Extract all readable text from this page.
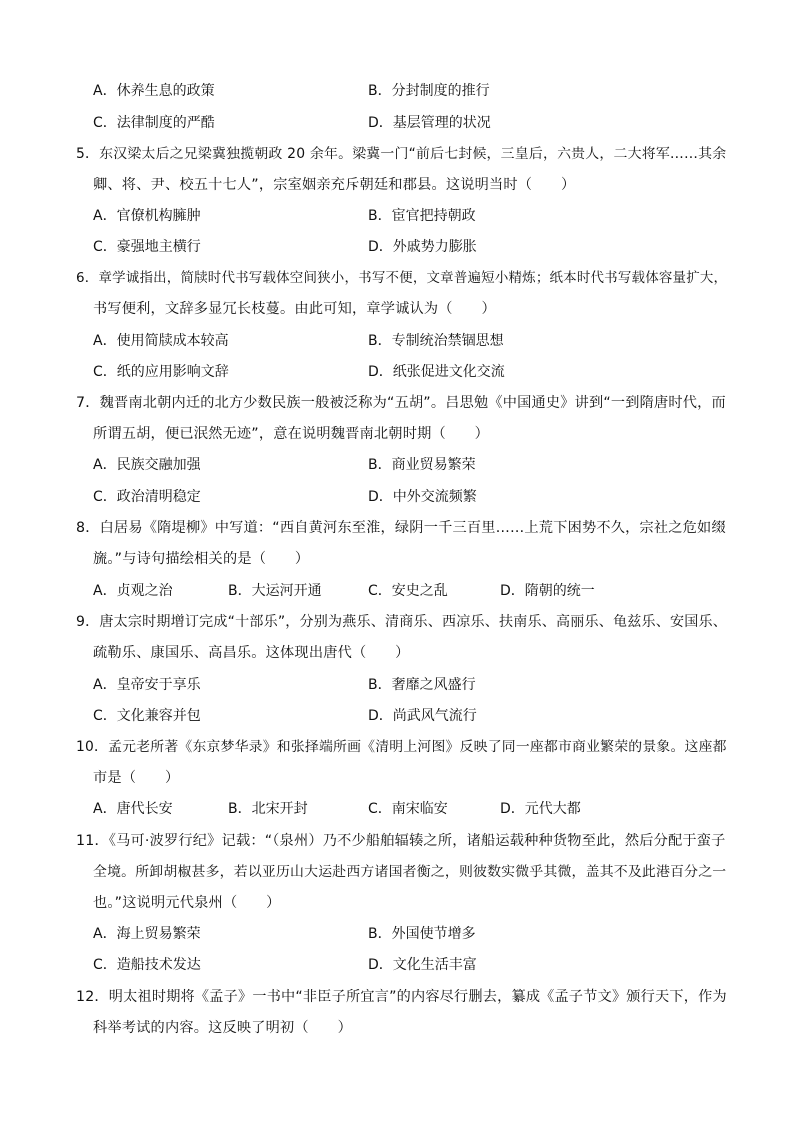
A．休养生息的政策	B．分封制度的推行
C．法律制度的严酷	D．基层管理的状况
5．东汉梁太后之兄梁冀独揽朝政 20 余年。梁冀一门“前后七封候，三皇后，六贵人，二大将军……其余
卿、将、尹、校五十七人”，宗室姻亲充斥朝廷和郡县。这说明当时（　　）
A．官僚机构臃肿	B．宦官把持朝政
C．豪强地主横行	D．外戚势力膨胀
6．章学诚指出，简牍时代书写载体空间狭小，书写不便，文章普遍短小精炼；纸本时代书写载体容量扩大，
书写便利，文辞多显冗长枝蔓。由此可知，章学诚认为（　　）
A．使用简牍成本较高	B．专制统治禁锢思想
C．纸的应用影响文辞	D．纸张促进文化交流
7．魏晋南北朝内迁的北方少数民族一般被泛称为“五胡”。吕思勉《中国通史》讲到“一到隋唐时代，而
所谓五胡，便已泯然无迹”，意在说明魏晋南北朝时期（　　）
A．民族交融加强	B．商业贸易繁荣
C．政治清明稳定	D．中外交流频繁
8．白居易《隋堤柳》中写道：“西自黄河东至淮，绿阴一千三百里……上荒下困势不久，宗社之危如缀
旒。”与诗句描绘相关的是（　　）
A．贞观之治	B．大运河开通	C．安史之乱	D．隋朝的统一
9．唐太宗时期增订完成“十部乐”，分别为燕乐、清商乐、西凉乐、扶南乐、高丽乐、龟兹乐、安国乐、
疏勒乐、康国乐、高昌乐。这体现出唐代（　　）
A．皇帝安于享乐	B．奢靡之风盛行
C．文化兼容并包	D．尚武风气流行
10．孟元老所著《东京梦华录》和张择端所画《清明上河图》反映了同一座都市商业繁荣的景象。这座都
市是（　　）
A．唐代长安	B．北宋开封	C．南宋临安	D．元代大都
11．《马可·波罗行纪》记载：“（泉州）乃不少船舶辐辏之所，诸船运载种种货物至此，然后分配于蛮子
全境。所卸胡椒甚多，若以亚历山大运赴西方诸国者衡之，则彼数实微乎其微，盖其不及此港百分之一
也。”这说明元代泉州（　　）
A．海上贸易繁荣	B．外国使节增多
C．造船技术发达	D．文化生活丰富
12．明太祖时期将《孟子》一书中“非臣子所宜言”的内容尽行删去，纂成《孟子节文》颁行天下，作为
科举考试的内容。这反映了明初（　　）
